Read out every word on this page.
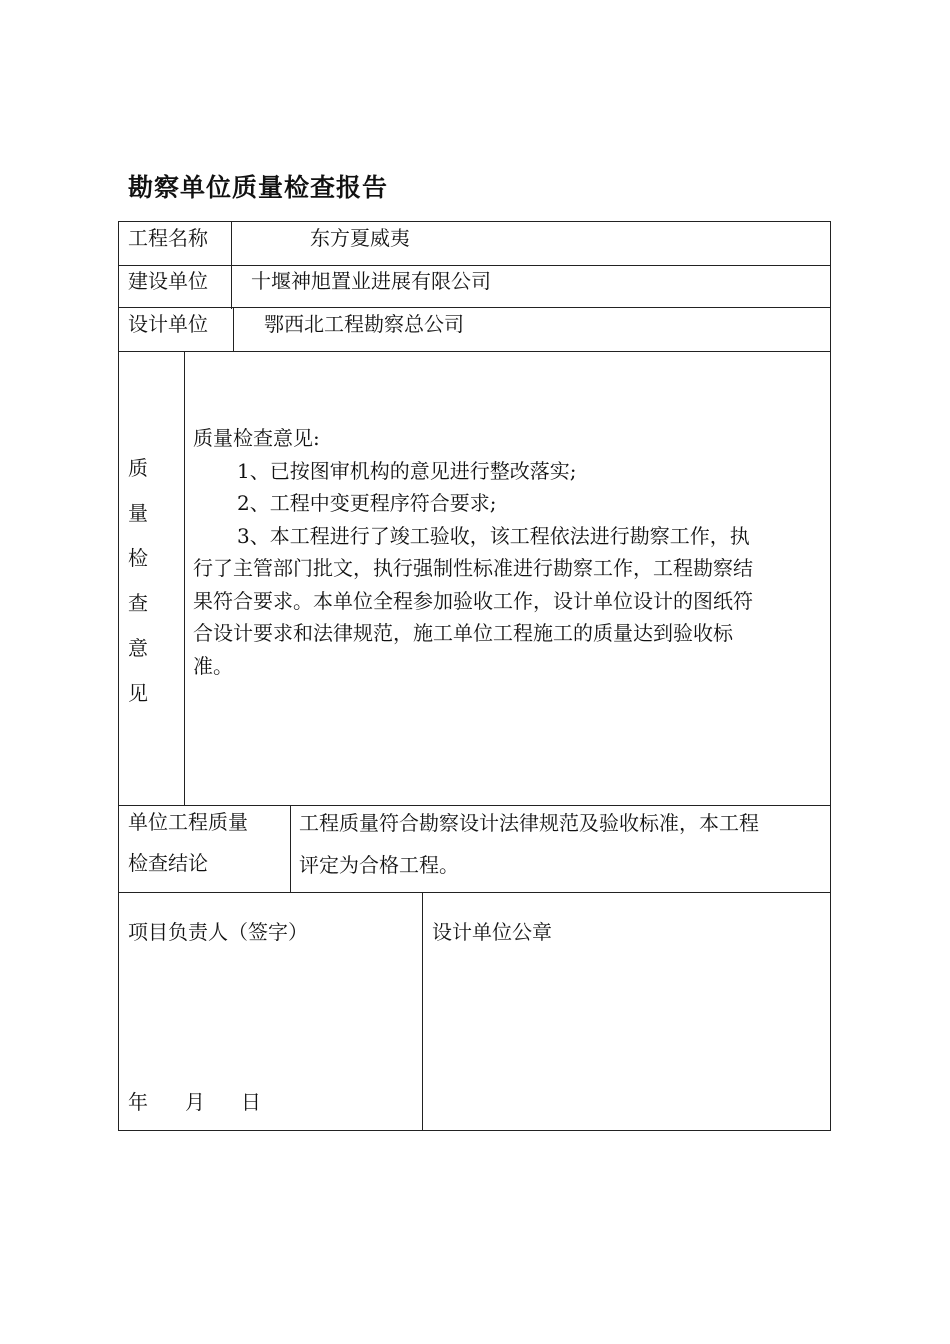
勘察单位质量检查报告
工程名称	东方夏威夷
建设单位 十堰神旭置业进展有限公司
设计单位	鄂西北工程勘察总公司
质
量
检
查
意
见
质量检查意见:
1、已按图审机构的意见进行整改落实;
2、工程中变更程序符合要求;
3、本工程进行了竣工验收，该工程依法进行勘察工作，执
行了主管部门批文，执行强制性标准进行勘察工作，工程勘察结
果符合要求。本单位全程参加验收工作，设计单位设计的图纸符
合设计要求和法律规范，施工单位工程施工的质量达到验收标
准。
单位工程质量
检查结论
工程质量符合勘察设计法律规范及验收标准，本工程
评定为合格工程。
项目负责人（签字）
年 月 日
设计单位公章
